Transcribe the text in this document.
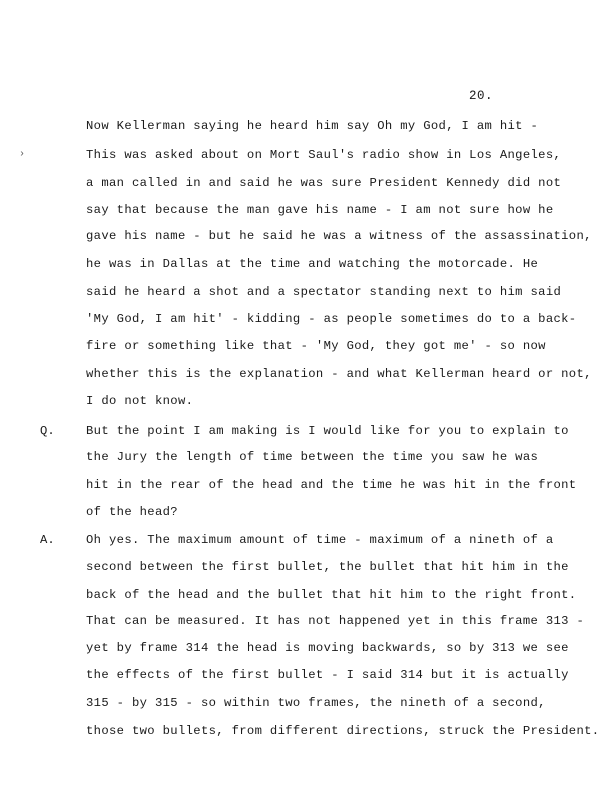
20.
›
Now Kellerman saying he heard him say Oh my God, I am hit -
This was asked about on Mort Saul's radio show in Los Angeles,
a man called in and said he was sure President Kennedy did not
say that because the man gave his name - I am not sure how he
gave his name - but he said he was a witness of the assassination,
he was in Dallas at the time and watching the motorcade. He
said he heard a shot and a spectator standing next to him said
'My God, I am hit' - kidding - as people sometimes do to a back-
fire or something like that - 'My God, they got me' - so now
whether this is the explanation - and what Kellerman heard or not,
I do not know.
Q.	But the point I am making is I would like for you to explain to
the Jury the length of time between the time you saw he was
hit in the rear of the head and the time he was hit in the front
of the head?
A.	Oh yes. The maximum amount of time - maximum of a nineth of a
second between the first bullet, the bullet that hit him in the
back of the head and the bullet that hit him to the right front.
That can be measured. It has not happened yet in this frame 313 -
yet by frame 314 the head is moving backwards, so by 313 we see
the effects of the first bullet - I said 314 but it is actually
315 - by 315 - so within two frames, the nineth of a second,
those two bullets, from different directions, struck the President.
